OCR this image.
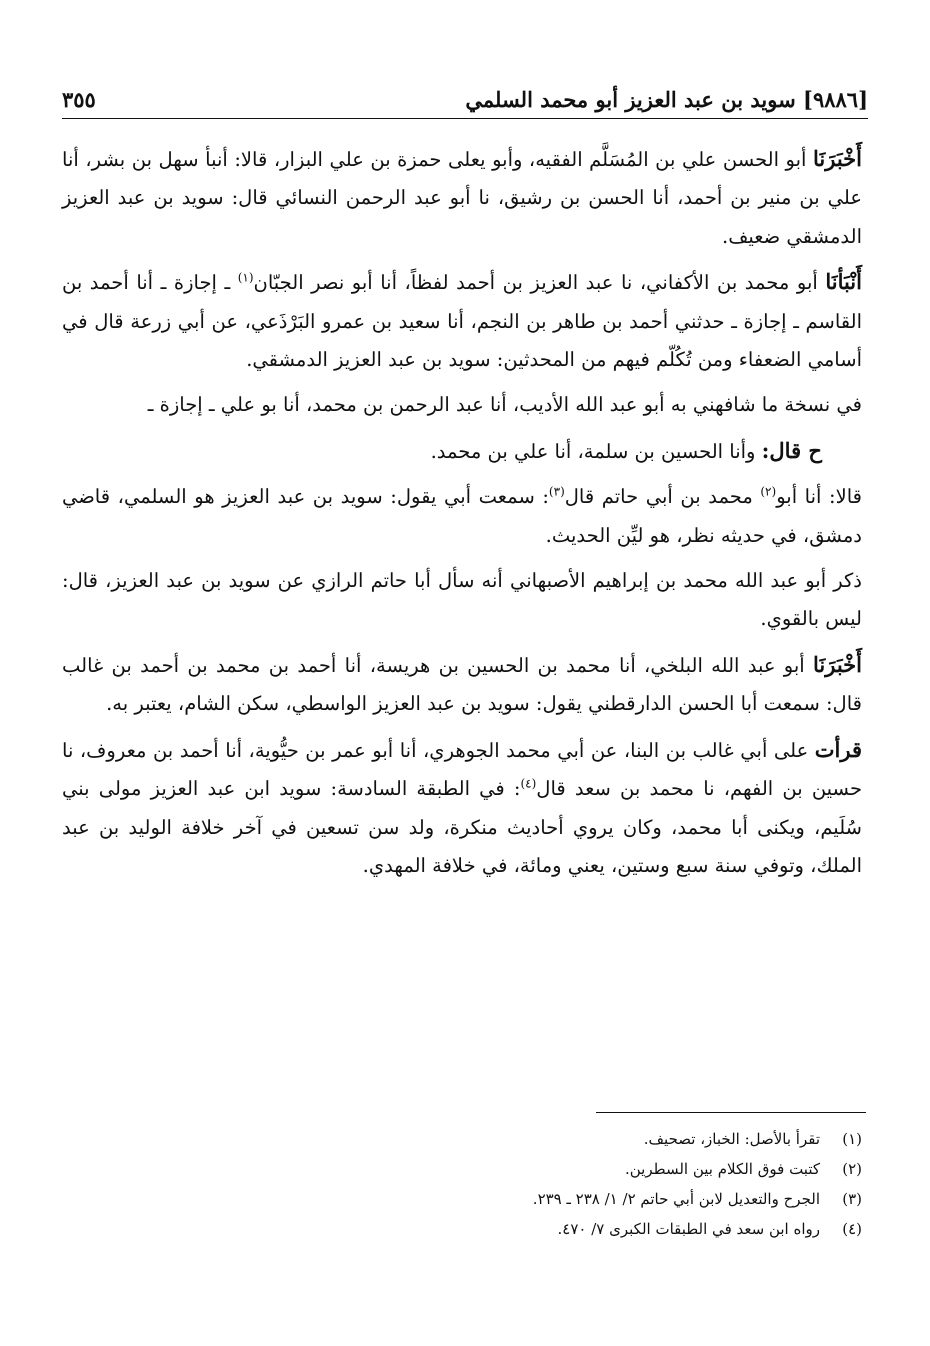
[٩٨٨٦] سويد بن عبد العزيز أبو محمد السلمي
٣٥٥

أَخْبَرَنَا أبو الحسن علي بن المُسَلَّم الفقيه، وأبو يعلى حمزة بن علي البزار، قالا: أنبأ سهل بن بشر، أنا علي بن منير بن أحمد، أنا الحسن بن رشيق، نا أبو عبد الرحمن النسائي قال: سويد بن عبد العزيز الدمشقي ضعيف.

أَنْبَأنَا أبو محمد بن الأكفاني، نا عبد العزيز بن أحمد لفظاً، أنا أبو نصر الجبّان$^{(١)}$ ـ إجازة ـ أنا أحمد بن القاسم ـ إجازة ـ حدثني أحمد بن طاهر بن النجم، أنا سعيد بن عمرو البَرْذَعي، عن أبي زرعة قال في أسامي الضعفاء ومن تُكُلّم فيهم من المحدثين: سويد بن عبد العزيز الدمشقي.

في نسخة ما شافهني به أبو عبد الله الأديب، أنا عبد الرحمن بن محمد، أنا بو علي ـ إجازة ـ

ح قال: وأنا الحسين بن سلمة، أنا علي بن محمد.

قالا: أنا أبو$^{(٢)}$ محمد بن أبي حاتم قال$^{(٣)}$: سمعت أبي يقول: سويد بن عبد العزيز هو السلمي، قاضي دمشق، في حديثه نظر، هو ليِّن الحديث.

ذكر أبو عبد الله محمد بن إبراهيم الأصبهاني أنه سأل أبا حاتم الرازي عن سويد بن عبد العزيز، قال: ليس بالقوي.

أَخْبَرَنَا أبو عبد الله البلخي، أنا محمد بن الحسين بن هريسة، أنا أحمد بن محمد بن أحمد بن غالب قال: سمعت أبا الحسن الدارقطني يقول: سويد بن عبد العزيز الواسطي، سكن الشام، يعتبر به.

قرأت على أبي غالب بن البنا، عن أبي محمد الجوهري، أنا أبو عمر بن حيُّوية، أنا أحمد بن معروف، نا حسين بن الفهم، نا محمد بن سعد قال$^{(٤)}$: في الطبقة السادسة: سويد ابن عبد العزيز مولى بني سُلَيم، ويكنى أبا محمد، وكان يروي أحاديث منكرة، ولد سن تسعين في آخر خلافة الوليد بن عبد الملك، وتوفي سنة سبع وستين، يعني ومائة، في خلافة المهدي.

(١)
تقرأ بالأصل: الخباز، تصحيف.
(٢)
كتبت فوق الكلام بين السطرين.
(٣)
الجرح والتعديل لابن أبي حاتم ٢/ ١/ ٢٣٨ ـ ٢٣٩.
(٤)
رواه ابن سعد في الطبقات الكبرى ٧/ ٤٧٠.
